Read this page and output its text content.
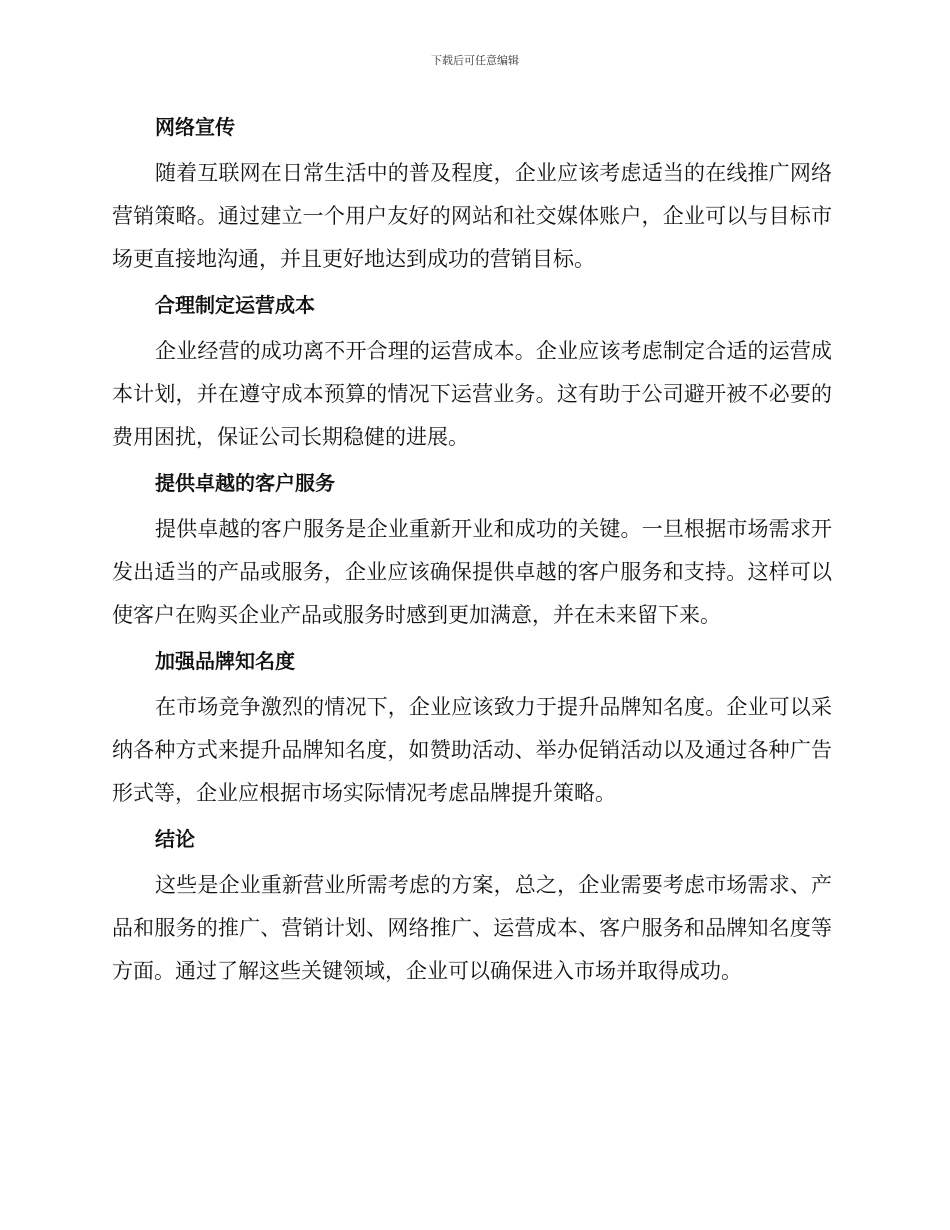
下载后可任意编辑
网络宣传

随着互联网在日常生活中的普及程度，企业应该考虑适当的在线推广网络营销策略。通过建立一个用户友好的网站和社交媒体账户，企业可以与目标市场更直接地沟通，并且更好地达到成功的营销目标。

合理制定运营成本

企业经营的成功离不开合理的运营成本。企业应该考虑制定合适的运营成本计划，并在遵守成本预算的情况下运营业务。这有助于公司避开被不必要的费用困扰，保证公司长期稳健的进展。

提供卓越的客户服务

提供卓越的客户服务是企业重新开业和成功的关键。一旦根据市场需求开发出适当的产品或服务，企业应该确保提供卓越的客户服务和支持。这样可以使客户在购买企业产品或服务时感到更加满意，并在未来留下来。

加强品牌知名度

在市场竞争激烈的情况下，企业应该致力于提升品牌知名度。企业可以采纳各种方式来提升品牌知名度，如赞助活动、举办促销活动以及通过各种广告形式等，企业应根据市场实际情况考虑品牌提升策略。

结论

这些是企业重新营业所需考虑的方案，总之，企业需要考虑市场需求、产品和服务的推广、营销计划、网络推广、运营成本、客户服务和品牌知名度等方面。通过了解这些关键领域，企业可以确保进入市场并取得成功。
